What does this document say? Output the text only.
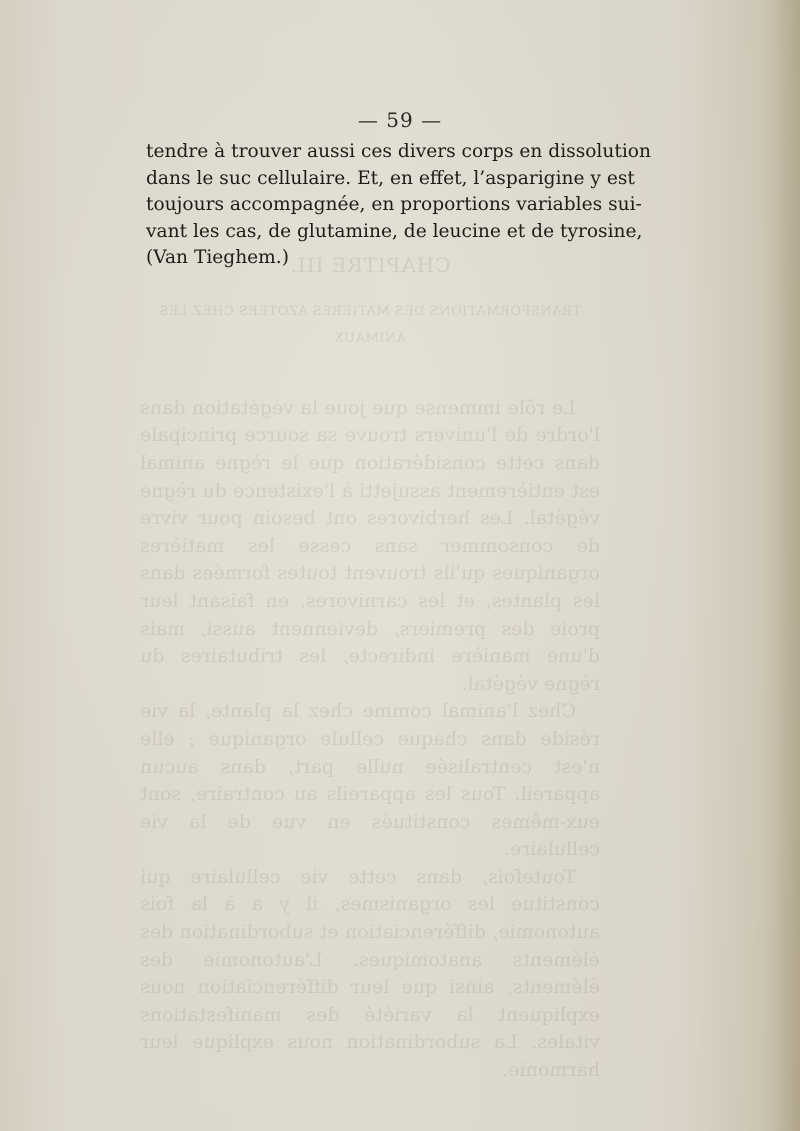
CHAPITRE III.
TRANSFORMATIONS DES MATIÈRES AZOTÉES CHEZ LES ANIMAUX

Le rôle immense que joue la végétation dans l'ordre de l'univers trouve sa source principale dans cette considération que le règne animal est entièrement assujetti à l'existence du règne végétal. Les herbivores ont besoin pour vivre de consommer sans cesse les matières organiques qu'ils trouvent toutes formées dans les plantes, et les carnivores, en faisant leur proie des premiers, deviennent aussi, mais d'une manière indirecte, les tributaires du règne végétal.

Chez l'animal comme chez la plante, la vie réside dans chaque cellule organique ; elle n'est centralisée nulle part, dans aucun appareil. Tous les appareils au contraire, sont eux-mêmes constitués en vue de la vie cellulaire.

Toutefois, dans cette vie cellulaire qui constitue les organismes, il y a à la fois autonomie, différenciation et subordination des éléments anatomiques. L'autonomie des éléments, ainsi que leur différenciation nous expliquent la variété des manifestations vitales. La subordination nous explique leur harmonie.

— 59 —
tendre à trouver aussi ces divers corps en dissolution
dans le suc cellulaire. Et, en effet, l’asparigine y est
toujours accompagnée, en proportions variables sui-
vant les cas, de glutamine, de leucine et de tyrosine,
(Van Tieghem.)
